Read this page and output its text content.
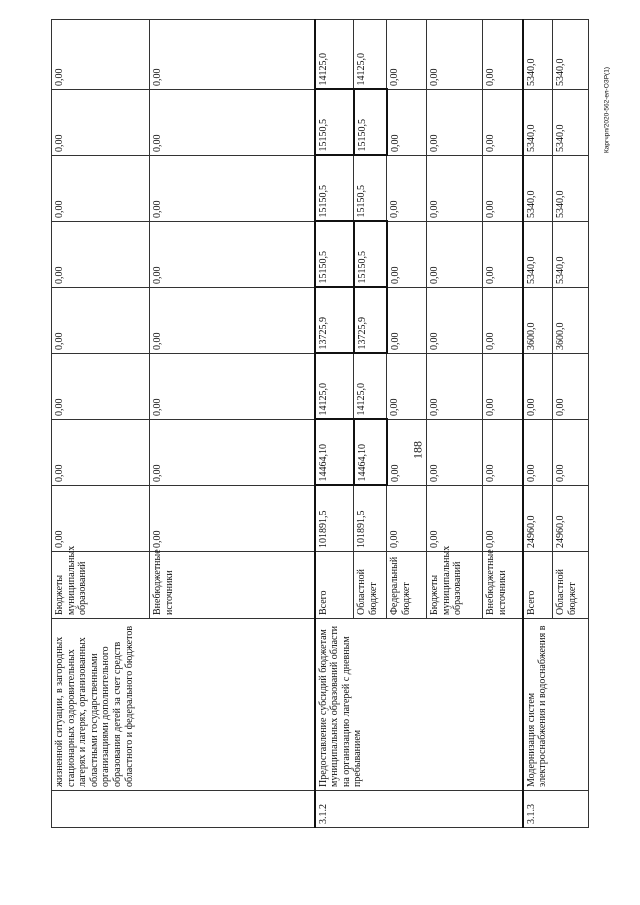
188
Каргчрп/2020-562-ел-ОЗР(1)
	жизненной ситуации, в загородных стационарных оздоровительных лагерях и лагерях, организованных областными государственными организациями дополнительного образования детей за счет средств областного и федерального бюджетов	Бюджеты муниципальных образований	0,00	0,00	0,00	0,00	0,00	0,00	0,00	0,00
		Внебюджетные источники	0,00	0,00	0,00	0,00	0,00	0,00	0,00	0,00
3.1.2	Предоставление субсидий бюджетам муниципальных образований области на организацию лагерей с дневным пребыванием	Всего	101891,5	14464,10	14125,0	13725,9	15150,5	15150,5	15150,5	14125,0
		Областной бюджет	101891,5	14464,10	14125,0	13725,9	15150,5	15150,5	15150,5	14125,0
		Федеральный бюджет	0,00	0,00	0,00	0,00	0,00	0,00	0,00	0,00
		Бюджеты муниципальных образований	0,00	0,00	0,00	0,00	0,00	0,00	0,00	0,00
		Внебюджетные источники	0,00	0,00	0,00	0,00	0,00	0,00	0,00	0,00
3.1.3	Модернизация систем электроснабжения и водоснабжения в	Всего	24960,0	0,00	0,00	3600,0	5340,0	5340,0	5340,0	5340,0
		Областной бюджет	24960,0	0,00	0,00	3600,0	5340,0	5340,0	5340,0	5340,0
